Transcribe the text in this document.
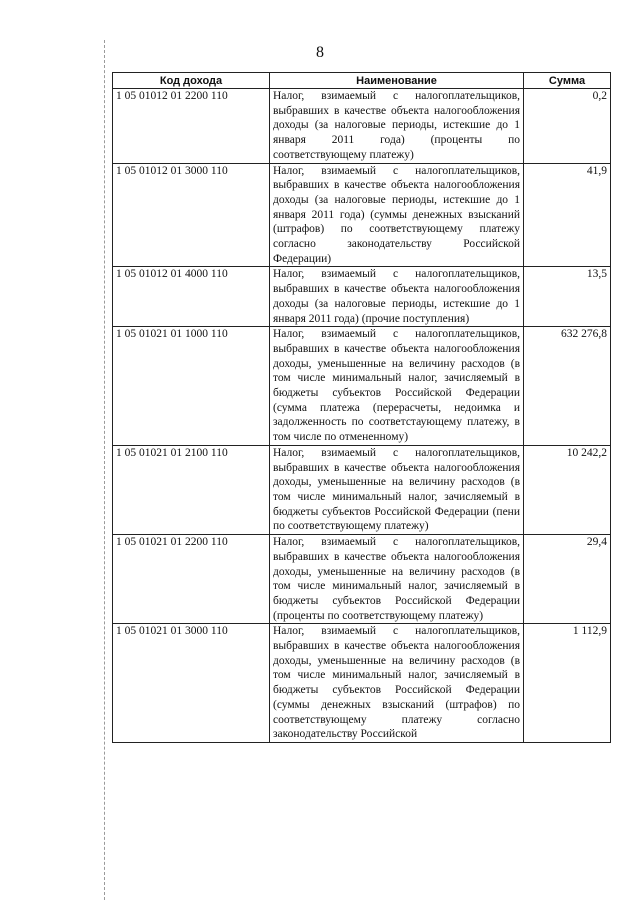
8
Код дохода	Наименование	Сумма
1 05 01012 01 2200 110	Налог, взимаемый с налогоплательщиков, выбравших в качестве объекта налогообложения доходы (за налоговые периоды, истекшие до 1 января 2011 года) (проценты по соответствующему платежу)	0,2
1 05 01012 01 3000 110	Налог, взимаемый с налогоплательщиков, выбравших в качестве объекта налогообложения доходы (за налоговые периоды, истекшие до 1 января 2011 года) (суммы денежных взысканий (штрафов) по соответствующему платежу согласно законодательству Российской Федерации)	41,9
1 05 01012 01 4000 110	Налог, взимаемый с налогоплательщиков, выбравших в качестве объекта налогообложения доходы (за налоговые периоды, истекшие до 1 января 2011 года) (прочие поступления)	13,5
1 05 01021 01 1000 110	Налог, взимаемый с налогоплательщиков, выбравших в качестве объекта налогообложения доходы, уменьшенные на величину расходов (в том числе минимальный налог, зачисляемый в бюджеты субъектов Российской Федерации (сумма платежа (перерасчеты, недоимка и задолженность по соответстаующему платежу, в том числе по отмененному)	632 276,8
1 05 01021 01 2100 110	Налог, взимаемый с налогоплательщиков, выбравших в качестве объекта налогообложения доходы, уменьшенные на величину расходов (в том числе минимальный налог, зачисляемый в бюджеты субъектов Российской Федерации (пени по соответствующему платежу)	10 242,2
1 05 01021 01 2200 110	Налог, взимаемый с налогоплательщиков, выбравших в качестве объекта налогообложения доходы, уменьшенные на величину расходов (в том числе минимальный налог, зачисляемый в бюджеты субъектов Российской Федерации (проценты по соответствующему платежу)	29,4
1 05 01021 01 3000 110	Налог, взимаемый с налогоплательщиков, выбравших в качестве объекта налогообложения доходы, уменьшенные на величину расходов (в том числе минимальный налог, зачисляемый в бюджеты субъектов Российской Федерации (суммы денежных взысканий (штрафов) по соответствующему платежу согласно законодательству Российской	1 112,9
